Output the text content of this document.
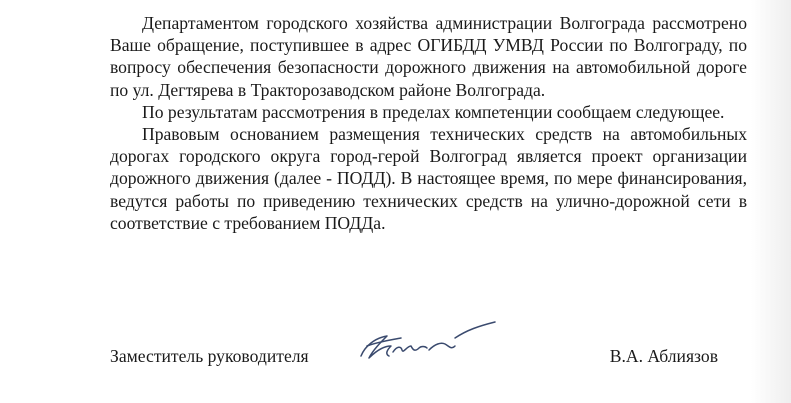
Департаментом городского хозяйства администрации Волгограда рассмотрено Ваше обращение, поступившее в адрес ОГИБДД УМВД России по Волгограду, по вопросу обеспечения безопасности дорожного движения на автомобильной дороге по ул. Дегтярева в Тракторозаводском районе Волгограда.

По результатам рассмотрения в пределах компетенции сообщаем следующее.

Правовым основанием размещения технических средств на автомобильных дорогах городского округа город-герой Волгоград является проект организации дорожного движения (далее - ПОДД). В настоящее время, по мере финансирования, ведутся работы по приведению технических средств на улично-дорожной сети в соответствие с требованием ПОДДа.

Заместитель руководителя	В.А. Аблиязов
